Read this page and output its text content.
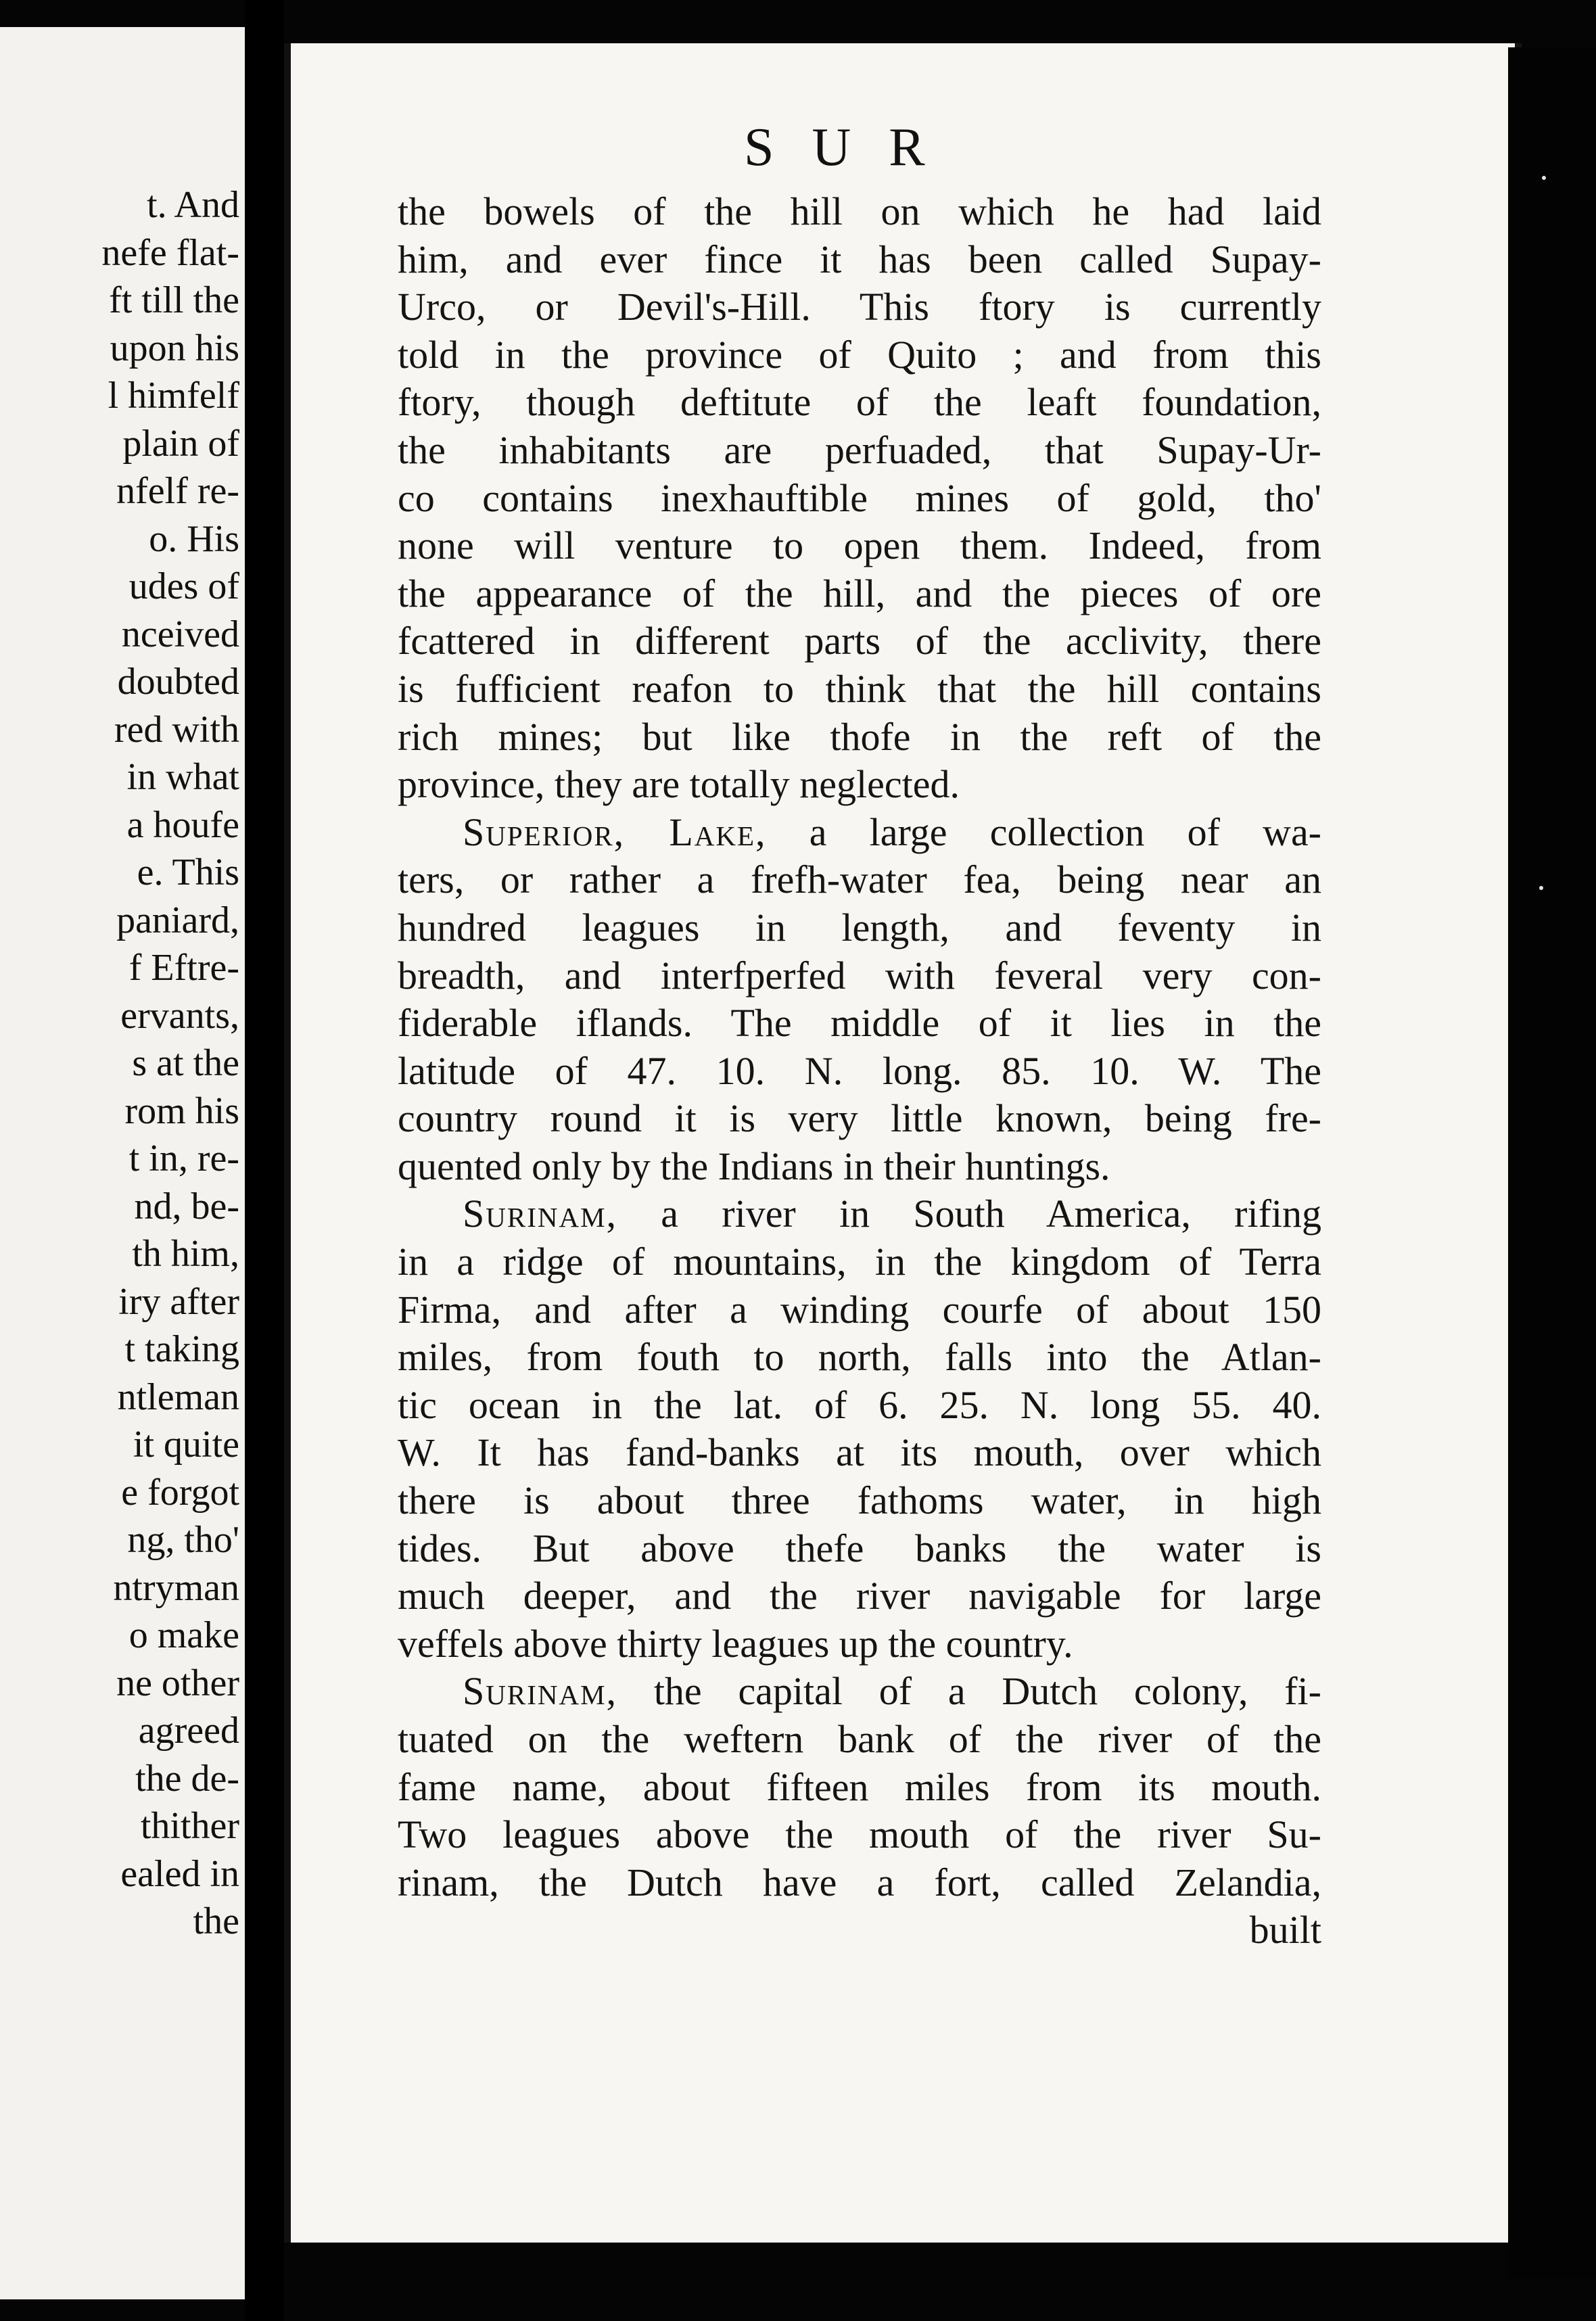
t. And
nefe flat-
ft till the
upon his
l himfelf
plain of
nfelf re-
o. His
udes of
nceived
doubted
red with
in what
a houfe
e. This
paniard,
f Eftre-
ervants,
s at the
rom his
t in, re-
nd, be-
th him,
iry after
t taking
ntleman
it quite
e forgot
ng, tho'
ntryman
o make
ne other
agreed
the de-
thither
ealed in
the
S U R
the bowels of the hill on which he had laid
him, and ever fince it has been called Supay-
Urco, or Devil's-Hill. This ftory is currently
told in the province of Quito ; and from this
ftory, though deftitute of the leaft foundation,
the inhabitants are perfuaded, that Supay-Ur-
co contains inexhauftible mines of gold, tho'
none will venture to open them. Indeed, from
the appearance of the hill, and the pieces of ore
fcattered in different parts of the acclivity, there
is fufficient reafon to think that the hill contains
rich mines; but like thofe in the reft of the
province, they are totally neglected.
Superior, Lake, a large collection of wa-
ters, or rather a frefh-water fea, being near an
hundred leagues in length, and feventy in
breadth, and interfperfed with feveral very con-
fiderable iflands. The middle of it lies in the
latitude of 47. 10. N. long. 85. 10. W. The
country round it is very little known, being fre-
quented only by the Indians in their huntings.
Surinam, a river in South America, rifing
in a ridge of mountains, in the kingdom of Terra
Firma, and after a winding courfe of about 150
miles, from fouth to north, falls into the Atlan-
tic ocean in the lat. of 6. 25. N. long 55. 40.
W. It has fand-banks at its mouth, over which
there is about three fathoms water, in high
tides. But above thefe banks the water is
much deeper, and the river navigable for large
veffels above thirty leagues up the country.
Surinam, the capital of a Dutch colony, fi-
tuated on the weftern bank of the river of the
fame name, about fifteen miles from its mouth.
Two leagues above the mouth of the river Su-
rinam, the Dutch have a fort, called Zelandia,
built
